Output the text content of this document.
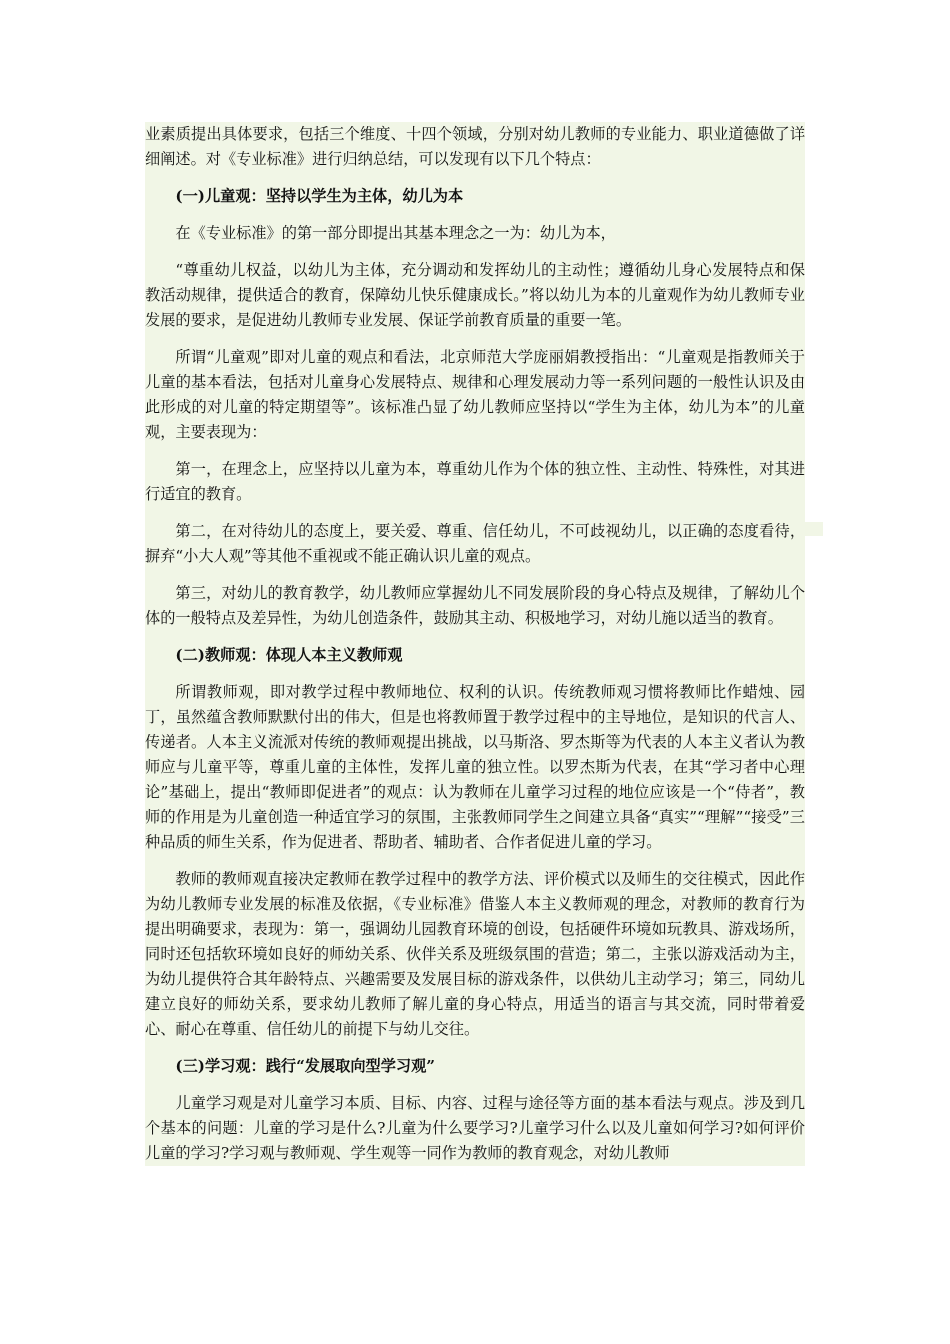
业素质提出具体要求，包括三个维度、十四个领域，分别对幼儿教师的专业能力、职业道德做了详细阐述。对《专业标准》进行归纳总结，可以发现有以下几个特点：

(一)儿童观：坚持以学生为主体，幼儿为本

在《专业标准》的第一部分即提出其基本理念之一为：幼儿为本，

“尊重幼儿权益，以幼儿为主体，充分调动和发挥幼儿的主动性；遵循幼儿身心发展特点和保教活动规律，提供适合的教育，保障幼儿快乐健康成长。”将以幼儿为本的儿童观作为幼儿教师专业发展的要求，是促进幼儿教师专业发展、保证学前教育质量的重要一笔。

所谓“儿童观”即对儿童的观点和看法，北京师范大学庞丽娟教授指出：“儿童观是指教师关于儿童的基本看法，包括对儿童身心发展特点、规律和心理发展动力等一系列问题的一般性认识及由此形成的对儿童的特定期望等”。该标准凸显了幼儿教师应坚持以“学生为主体，幼儿为本”的儿童观，主要表现为：

第一，在理念上，应坚持以儿童为本，尊重幼儿作为个体的独立性、主动性、特殊性，对其进行适宜的教育。

第二，在对待幼儿的态度上，要关爱、尊重、信任幼儿，不可歧视幼儿，以正确的态度看待，摒弃“小大人观”等其他不重视或不能正确认识儿童的观点。

第三，对幼儿的教育教学，幼儿教师应掌握幼儿不同发展阶段的身心特点及规律，了解幼儿个体的一般特点及差异性，为幼儿创造条件，鼓励其主动、积极地学习，对幼儿施以适当的教育。

(二)教师观：体现人本主义教师观

所谓教师观，即对教学过程中教师地位、权利的认识。传统教师观习惯将教师比作蜡烛、园丁，虽然蕴含教师默默付出的伟大，但是也将教师置于教学过程中的主导地位，是知识的代言人、传递者。人本主义流派对传统的教师观提出挑战，以马斯洛、罗杰斯等为代表的人本主义者认为教师应与儿童平等，尊重儿童的主体性，发挥儿童的独立性。以罗杰斯为代表，在其“学习者中心理论”基础上，提出“教师即促进者”的观点：认为教师在儿童学习过程的地位应该是一个“侍者”，教师的作用是为儿童创造一种适宜学习的氛围，主张教师同学生之间建立具备“真实”“理解”“接受”三种品质的师生关系，作为促进者、帮助者、辅助者、合作者促进儿童的学习。

教师的教师观直接决定教师在教学过程中的教学方法、评价模式以及师生的交往模式，因此作为幼儿教师专业发展的标准及依据，《专业标准》借鉴人本主义教师观的理念，对教师的教育行为提出明确要求，表现为：第一，强调幼儿园教育环境的创设，包括硬件环境如玩教具、游戏场所，同时还包括软环境如良好的师幼关系、伙伴关系及班级氛围的营造；第二，主张以游戏活动为主，为幼儿提供符合其年龄特点、兴趣需要及发展目标的游戏条件，以供幼儿主动学习；第三，同幼儿建立良好的师幼关系，要求幼儿教师了解儿童的身心特点，用适当的语言与其交流，同时带着爱心、耐心在尊重、信任幼儿的前提下与幼儿交往。

(三)学习观：践行“发展取向型学习观”

儿童学习观是对儿童学习本质、目标、内容、过程与途径等方面的基本看法与观点。涉及到几个基本的问题：儿童的学习是什么?儿童为什么要学习?儿童学习什么以及儿童如何学习?如何评价儿童的学习?学习观与教师观、学生观等一同作为教师的教育观念，对幼儿教师
